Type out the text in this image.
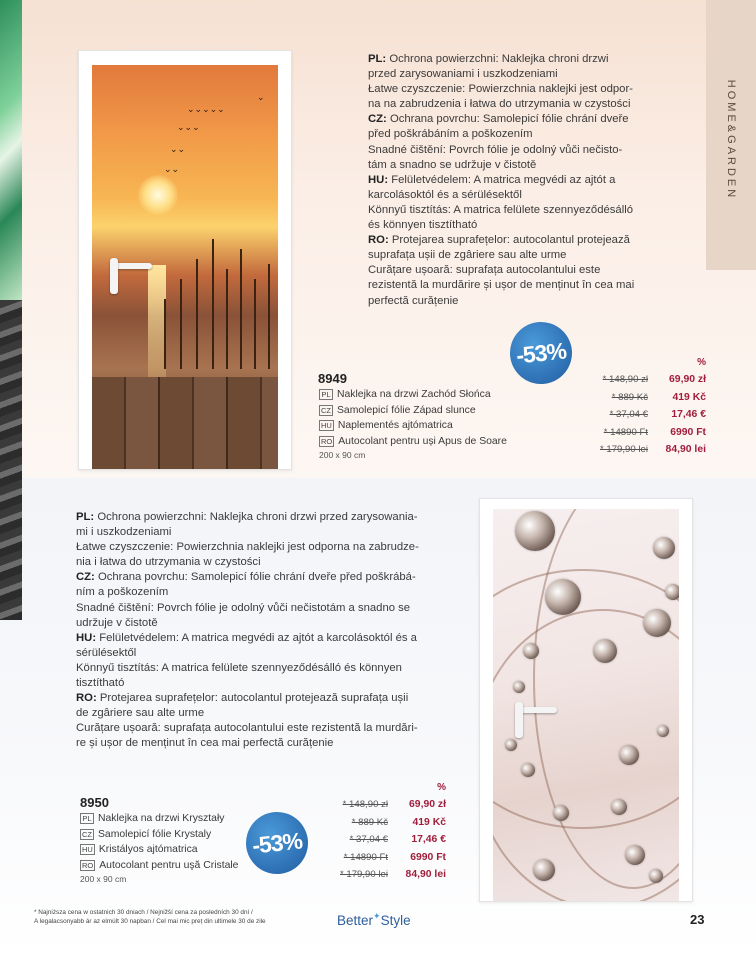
HOME&GARDEN
⌄⌄⌄⌄⌄
⌄⌄⌄
⌄⌄
⌄⌄
⌄

PL: Ochrona powierzchni: Naklejka chroni drzwi

przed zarysowaniami i uszkodzeniami

Łatwe czyszczenie: Powierzchnia naklejki jest odpor-

na na zabrudzenia i łatwa do utrzymania w czystości

CZ: Ochrana povrchu: Samolepicí fólie chrání dveře

před poškrábáním a poškozením

Snadné čištění: Povrch fólie je odolný vůči nečisto-

tám a snadno se udržuje v čistotě

HU: Felületvédelem: A matrica megvédi az ajtót a

karcolásoktól és a sérülésektől

Könnyű tisztítás: A matrica felülete szennyeződésálló

és könnyen tisztítható

RO: Protejarea suprafețelor: autocolantul protejează

suprafața ușii de zgâriere sau alte urme

Curățare ușoară: suprafața autocolantului este

rezistentă la murdărire și ușor de menținut în cea mai

perfectă curățenie

-53%
8949
PL Naklejka na drzwi Zachód Słońca
CZ Samolepicí fólie Západ slunce
HU Naplementés ajtómatrica
RO Autocolant pentru uși Apus de Soare
200 x 90 cm
%
* 148,90 zł	69,90 zł
* 889 Kč	419 Kč
* 37,04 €	17,46 €
* 14890 Ft	6990 Ft
* 179,90 lei	84,90 lei

PL: Ochrona powierzchni: Naklejka chroni drzwi przed zarysowania-

mi i uszkodzeniami

Łatwe czyszczenie: Powierzchnia naklejki jest odporna na zabrudze-

nia i łatwa do utrzymania w czystości

CZ: Ochrana povrchu: Samolepicí fólie chrání dveře před poškrábá-

ním a poškozením

Snadné čištění: Povrch fólie je odolný vůči nečistotám a snadno se

udržuje v čistotě

HU: Felületvédelem: A matrica megvédi az ajtót a karcolásoktól és a

sérülésektől

Könnyű tisztítás: A matrica felülete szennyeződésálló és könnyen

tisztítható

RO: Protejarea suprafețelor: autocolantul protejează suprafața ușii

de zgâriere sau alte urme

Curățare ușoară: suprafața autocolantului este rezistentă la murdări-

re și ușor de menținut în cea mai perfectă curățenie

8950
PL Naklejka na drzwi Kryształy
CZ Samolepicí fólie Krystaly
HU Kristályos ajtómatrica
RO Autocolant pentru uşă Cristale
200 x 90 cm
%
* 148,90 zł	69,90 zł
* 889 Kč	419 Kč
* 37,04 €	17,46 €
* 14890 Ft	6990 Ft
* 179,90 lei	84,90 lei
-53%
* Najniższa cena w ostatnich 30 dniach / Nejnižší cena za posledních 30 dní /
A legalacsonyabb ár az elmúlt 30 napban / Cel mai mic preț din ultimele 30 de zile	Better✦Style	23
